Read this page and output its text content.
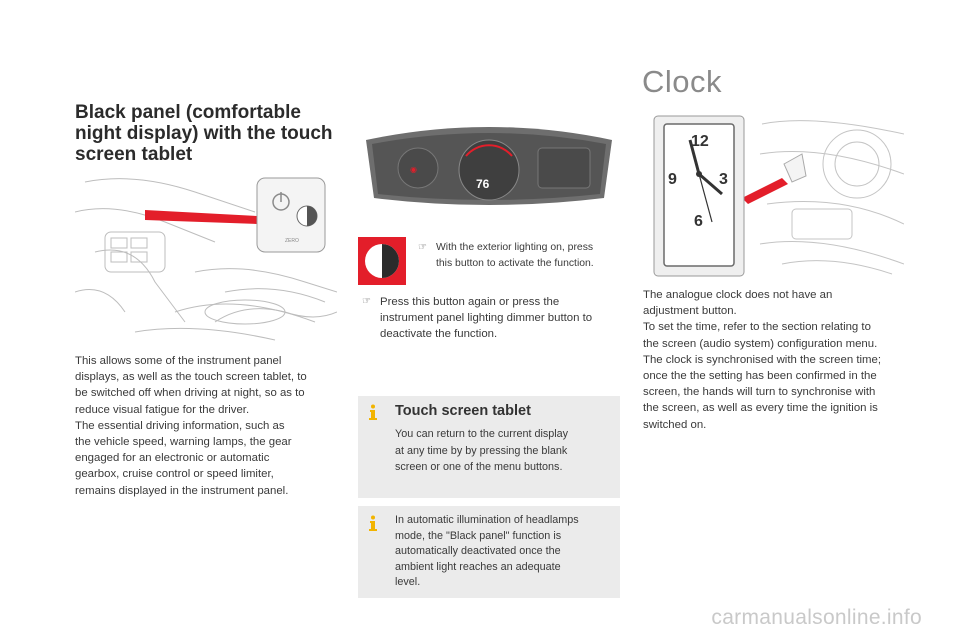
Black panel (comfortable night display) with the touch screen tablet
ZERO
This allows some of the instrument panel
displays, as well as the touch screen tablet, to
be switched off when driving at night, so as to
reduce visual fatigue for the driver.
The essential driving information, such as
the vehicle speed, warning lamps, the gear
engaged for an electronic or automatic
gearbox, cruise control or speed limiter,
remains displayed in the instrument panel.
76
◉
☞ With the exterior lighting on, press
this button to activate the function.
☞ Press this button again or press the
instrument panel lighting dimmer button to
deactivate the function.
Touch screen tablet
You can return to the current display
at any time by by pressing the blank
screen or one of the menu buttons.
In automatic illumination of headlamps
mode, the "Black panel" function is
automatically deactivated once the
ambient light reaches an adequate
level.
Clock
12
3
6
9
The analogue clock does not have an
adjustment button.
To set the time, refer to the section relating to
the screen (audio system) configuration menu.
The clock is synchronised with the screen time;
once the the setting has been confirmed in the
screen, the hands will turn to synchronise with
the screen, as well as every time the ignition is
switched on.
carmanualsonline.info
